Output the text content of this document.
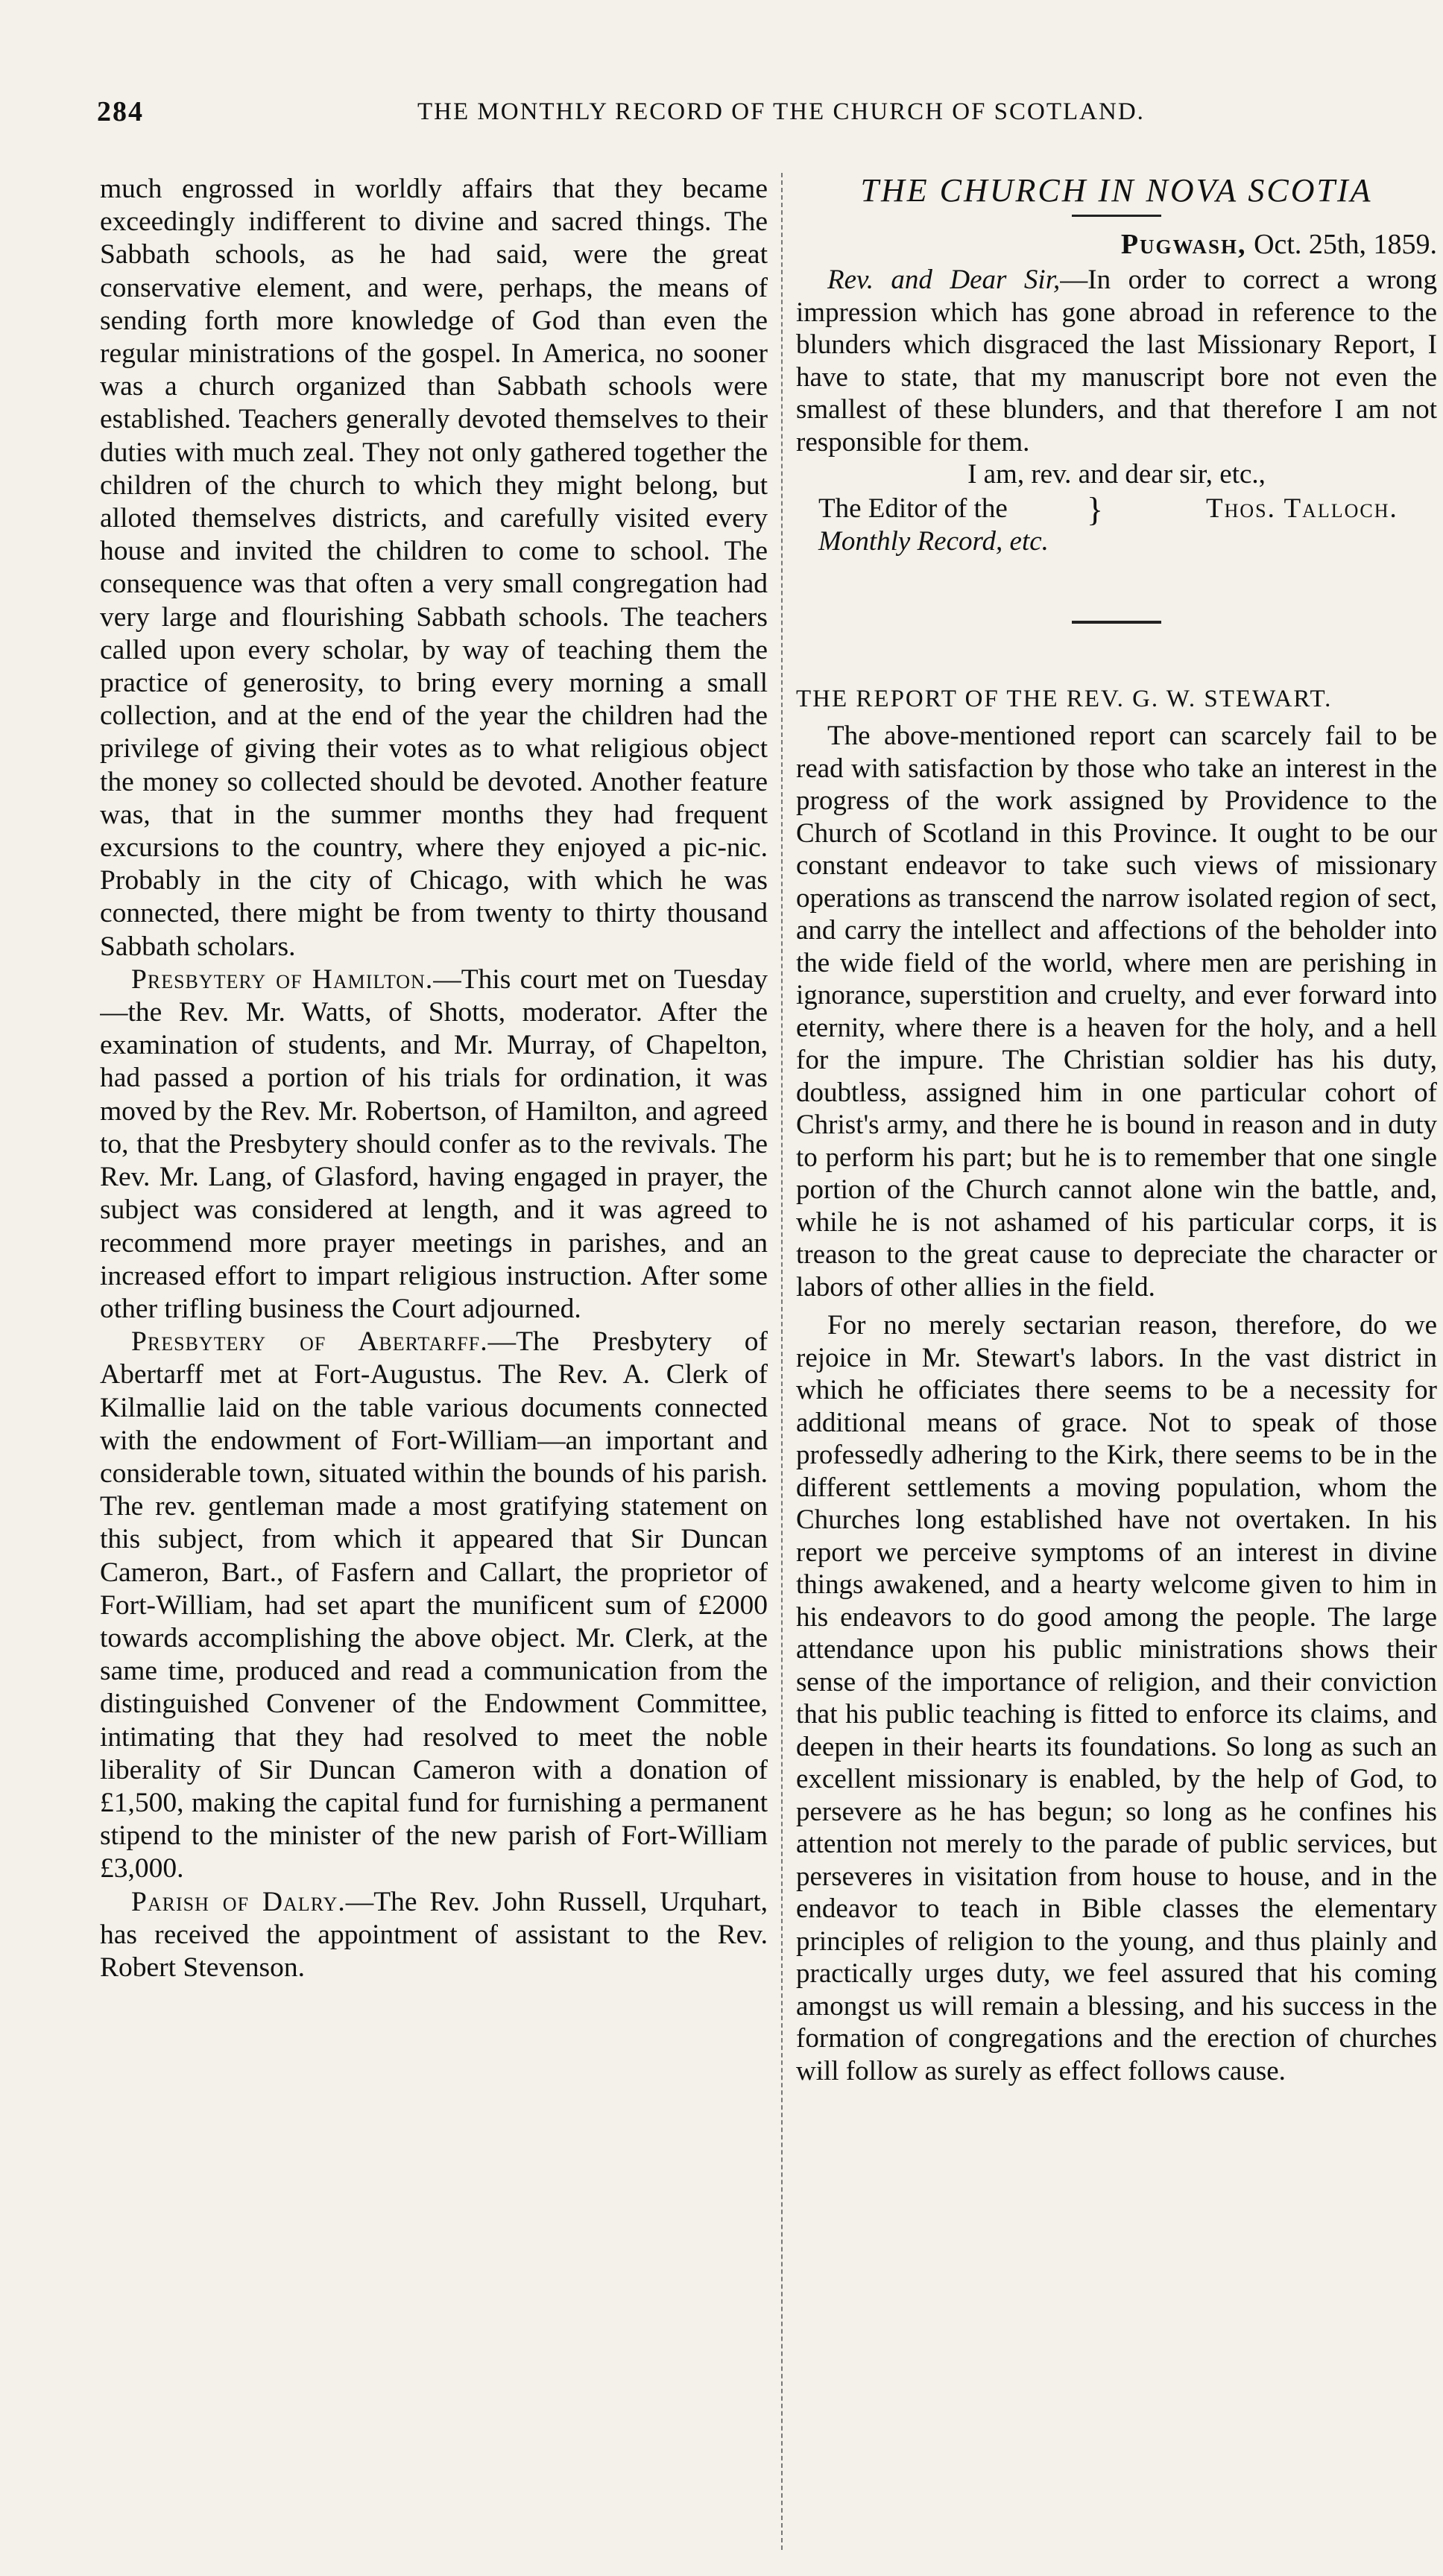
284	THE MONTHLY RECORD OF THE CHURCH OF SCOTLAND.

much engrossed in worldly affairs that they became exceedingly indifferent to divine and sacred things. The Sabbath schools, as he had said, were the great conservative element, and were, perhaps, the means of sending forth more knowledge of God than even the regular ministrations of the gospel. In America, no sooner was a church organized than Sabbath schools were established. Teachers generally devoted themselves to their duties with much zeal. They not only gathered together the children of the church to which they might belong, but alloted themselves districts, and carefully visited every house and invited the children to come to school. The consequence was that often a very small congregation had very large and flourishing Sabbath schools. The teachers called upon every scholar, by way of teaching them the practice of generosity, to bring every morning a small collection, and at the end of the year the children had the privilege of giving their votes as to what religious object the money so collected should be devoted. Another feature was, that in the summer months they had frequent excursions to the country, where they enjoyed a pic-nic. Probably in the city of Chicago, with which he was connected, there might be from twenty to thirty thousand Sabbath scholars.

Presbytery of Hamilton.—This court met on Tuesday—the Rev. Mr. Watts, of Shotts, moderator. After the examination of students, and Mr. Murray, of Chapelton, had passed a portion of his trials for ordination, it was moved by the Rev. Mr. Robertson, of Hamilton, and agreed to, that the Presbytery should confer as to the revivals. The Rev. Mr. Lang, of Glasford, having engaged in prayer, the subject was considered at length, and it was agreed to recommend more prayer meetings in parishes, and an increased effort to impart religious instruction. After some other trifling business the Court adjourned.

Presbytery of Abertarff.—The Presbytery of Abertarff met at Fort-Augustus. The Rev. A. Clerk of Kilmallie laid on the table various documents connected with the endowment of Fort-William—an important and considerable town, situated within the bounds of his parish. The rev. gentleman made a most gratifying statement on this subject, from which it appeared that Sir Duncan Cameron, Bart., of Fasfern and Callart, the proprietor of Fort-William, had set apart the munificent sum of £2000 towards accomplishing the above object. Mr. Clerk, at the same time, produced and read a communication from the distinguished Convener of the Endowment Committee, intimating that they had resolved to meet the noble liberality of Sir Duncan Cameron with a donation of £1,500, making the capital fund for furnishing a permanent stipend to the minister of the new parish of Fort-William £3,000.

Parish of Dalry.—The Rev. John Russell, Urquhart, has received the appointment of assistant to the Rev. Robert Stevenson.

THE CHURCH IN NOVA SCOTIA
Pugwash, Oct. 25th, 1859.

Rev. and Dear Sir,—In order to correct a wrong impression which has gone abroad in reference to the blunders which disgraced the last Missionary Report, I have to state, that my manuscript bore not even the smallest of these blunders, and that therefore I am not responsible for them.

I am, rev. and dear sir, etc.,
The Editor of the
Monthly Record, etc.
}	Thos. Talloch.
THE REPORT OF THE REV. G. W. STEWART.

The above-mentioned report can scarcely fail to be read with satisfaction by those who take an interest in the progress of the work assigned by Providence to the Church of Scotland in this Province. It ought to be our constant endeavor to take such views of missionary operations as transcend the narrow isolated region of sect, and carry the intellect and affections of the beholder into the wide field of the world, where men are perishing in ignorance, superstition and cruelty, and ever forward into eternity, where there is a heaven for the holy, and a hell for the impure. The Christian soldier has his duty, doubtless, assigned him in one particular cohort of Christ's army, and there he is bound in reason and in duty to perform his part; but he is to remember that one single portion of the Church cannot alone win the battle, and, while he is not ashamed of his particular corps, it is treason to the great cause to depreciate the character or labors of other allies in the field.

For no merely sectarian reason, therefore, do we rejoice in Mr. Stewart's labors. In the vast district in which he officiates there seems to be a necessity for additional means of grace. Not to speak of those professedly adhering to the Kirk, there seems to be in the different settlements a moving population, whom the Churches long established have not overtaken. In his report we perceive symptoms of an interest in divine things awakened, and a hearty welcome given to him in his endeavors to do good among the people. The large attendance upon his public ministrations shows their sense of the importance of religion, and their conviction that his public teaching is fitted to enforce its claims, and deepen in their hearts its foundations. So long as such an excellent missionary is enabled, by the help of God, to persevere as he has begun; so long as he confines his attention not merely to the parade of public services, but perseveres in visitation from house to house, and in the endeavor to teach in Bible classes the elementary principles of religion to the young, and thus plainly and practically urges duty, we feel assured that his coming amongst us will remain a blessing, and his success in the formation of congregations and the erection of churches will follow as surely as effect follows cause.
